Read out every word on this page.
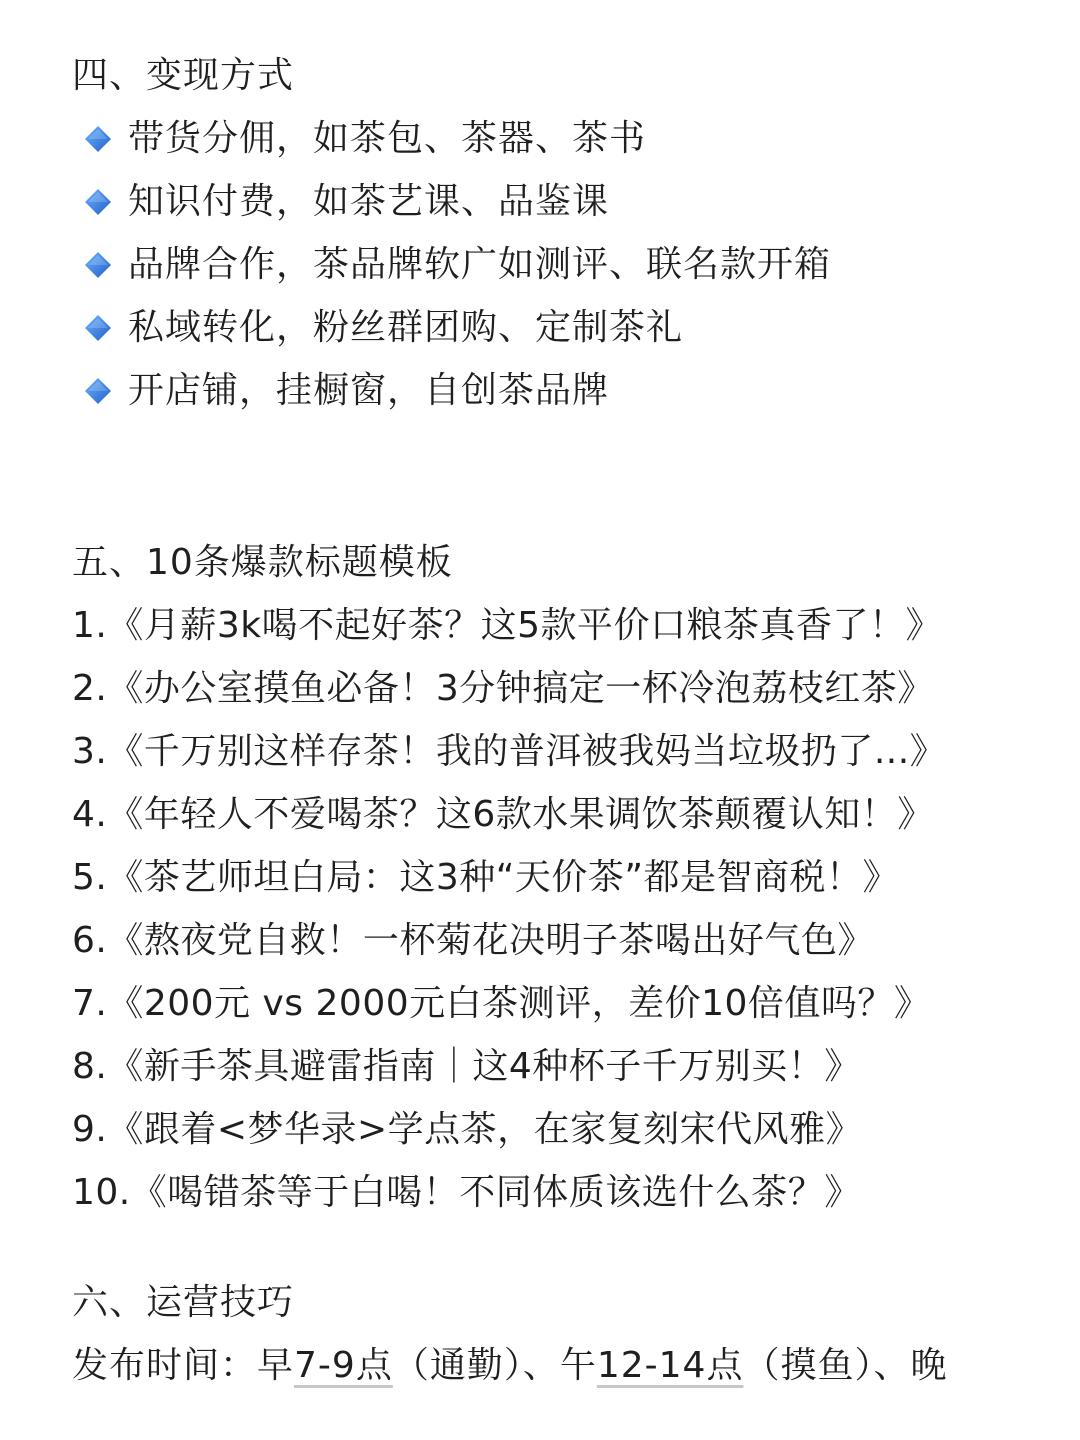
四、变现方式
带货分佣，如茶包、茶器、茶书
知识付费，如茶艺课、品鉴课
品牌合作，茶品牌软广如测评、联名款开箱
私域转化，粉丝群团购、定制茶礼
开店铺，挂橱窗，自创茶品牌
五、10条爆款标题模板
1.《月薪3k喝不起好茶？这5款平价口粮茶真香了！》
2.《办公室摸鱼必备！3分钟搞定一杯冷泡荔枝红茶》
3.《千万别这样存茶！我的普洱被我妈当垃圾扔了...》
4.《年轻人不爱喝茶？这6款水果调饮茶颠覆认知！》
5.《茶艺师坦白局：这3种“天价茶”都是智商税！》
6.《熬夜党自救！一杯菊花决明子茶喝出好气色》
7.《200元 vs 2000元白茶测评，差价10倍值吗？》
8.《新手茶具避雷指南｜这4种杯子千万别买！》
9.《跟着<梦华录>学点茶，在家复刻宋代风雅》
10.《喝错茶等于白喝！不同体质该选什么茶？》
六、运营技巧
发布时间：早7-9点（通勤）、午12-14点（摸鱼）、晚
